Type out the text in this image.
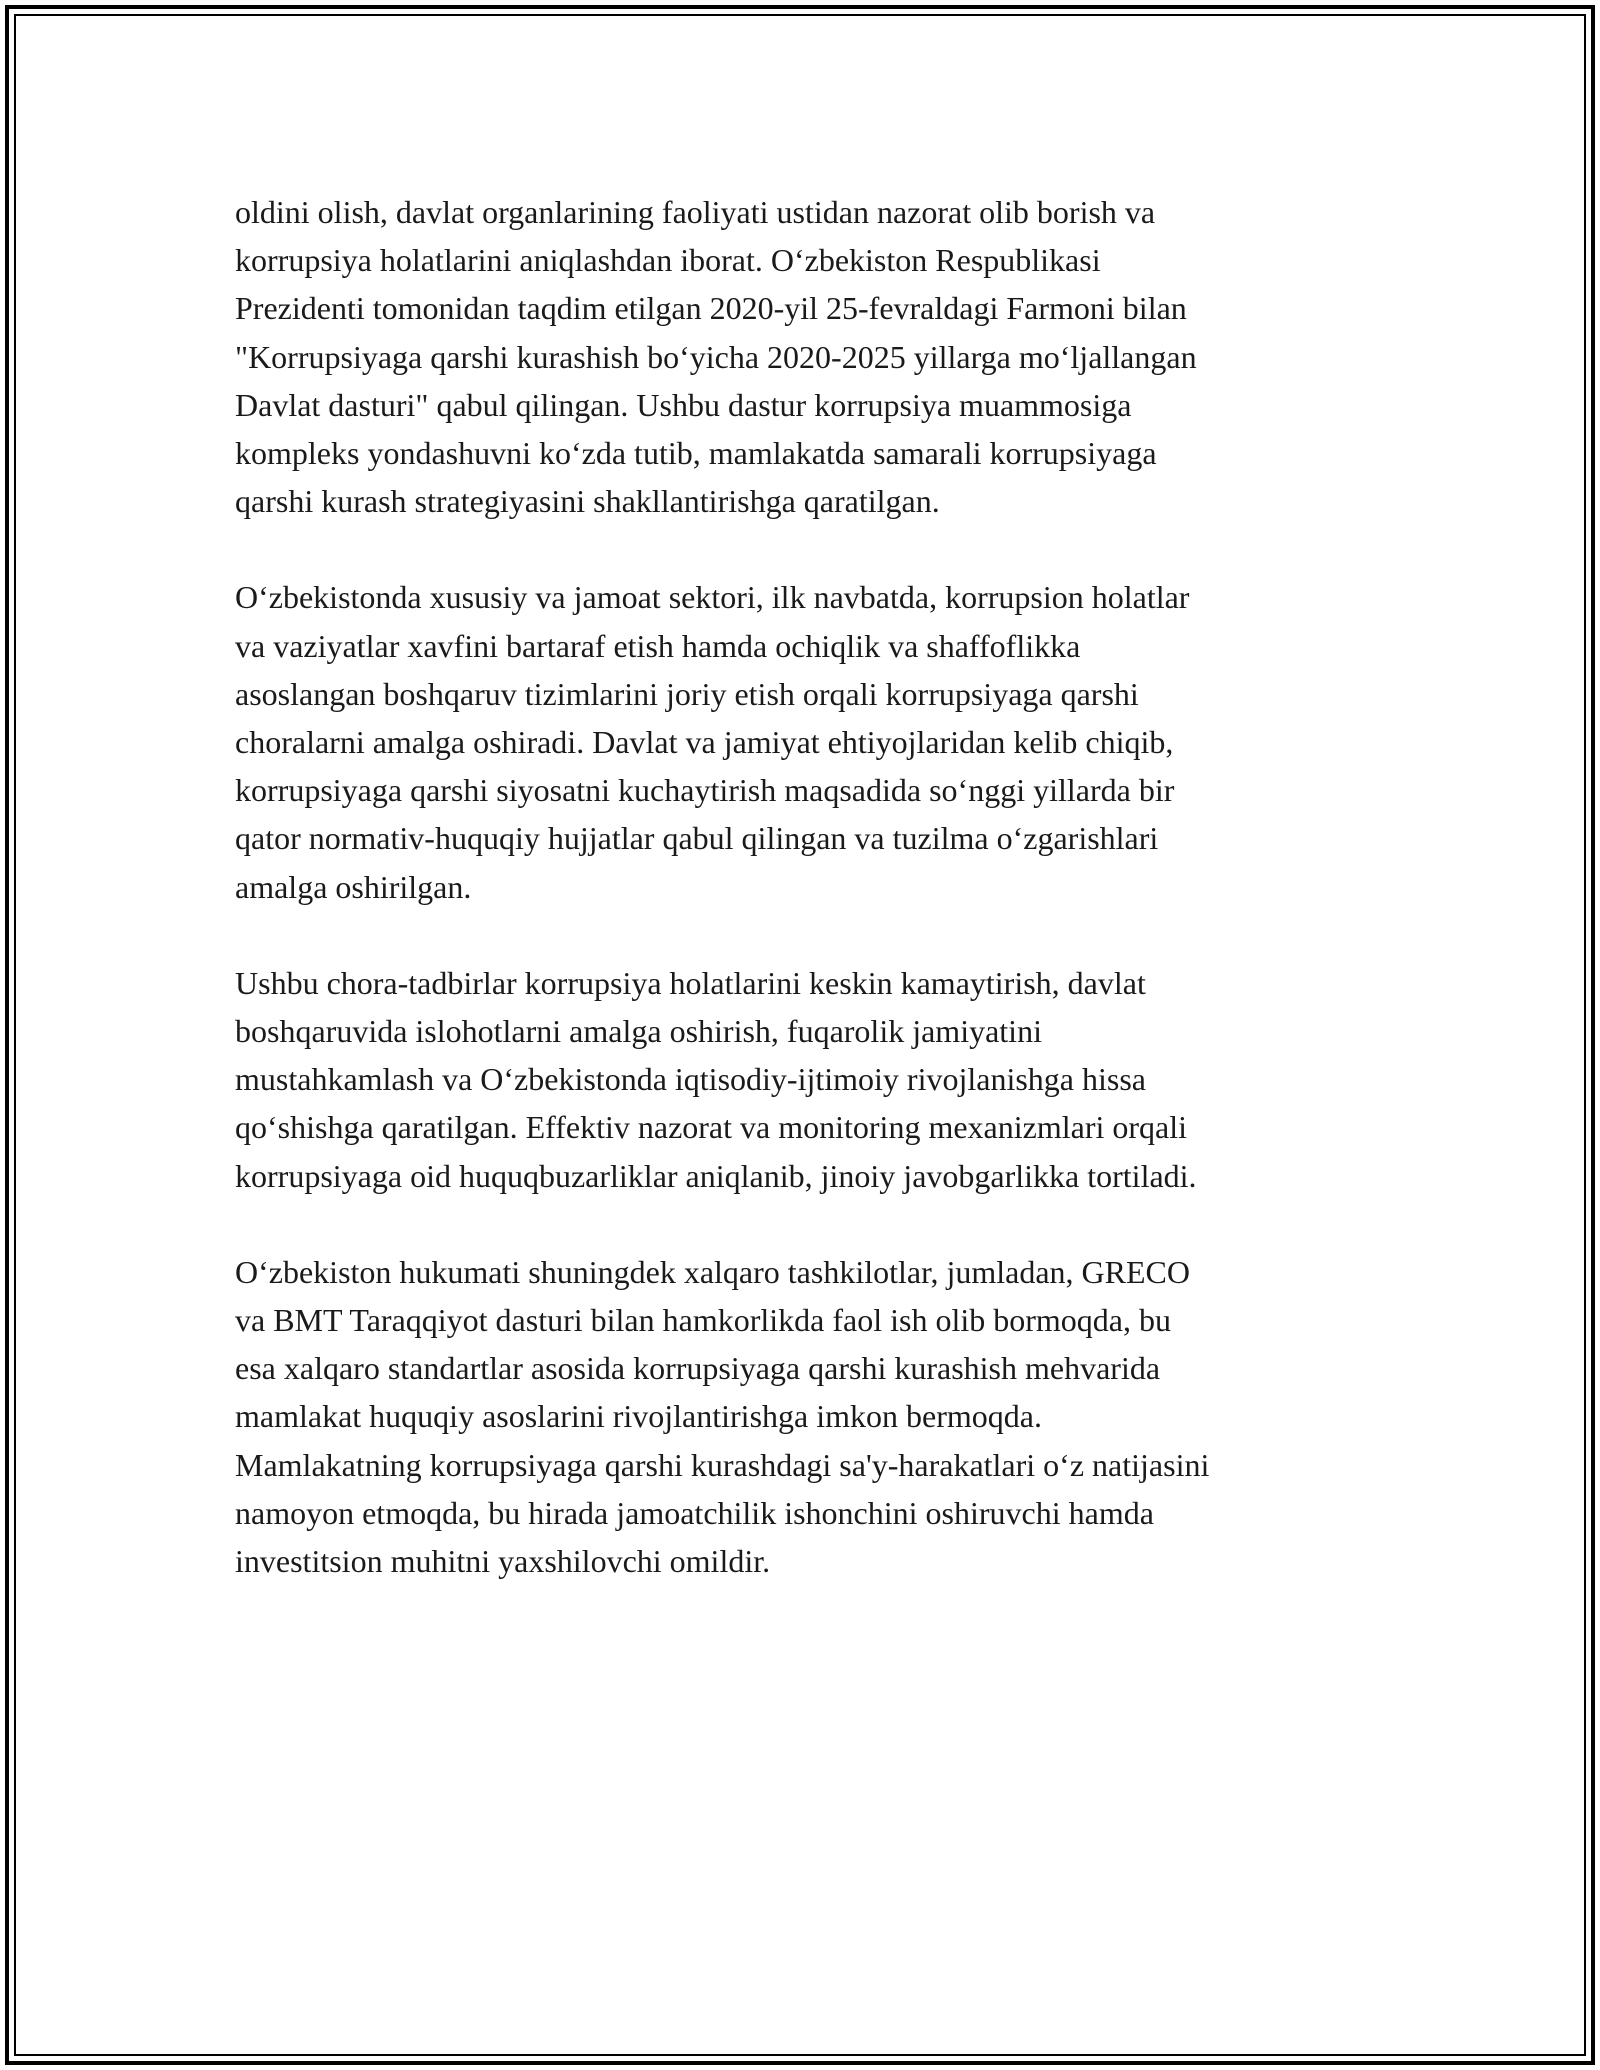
oldini olish, davlat organlarining faoliyati ustidan nazorat olib borish va
korrupsiya holatlarini aniqlashdan iborat. O‘zbekiston Respublikasi
Prezidenti tomonidan taqdim etilgan 2020-yil 25-fevraldagi Farmoni bilan
"Korrupsiyaga qarshi kurashish bo‘yicha 2020-2025 yillarga mo‘ljallangan
Davlat dasturi" qabul qilingan. Ushbu dastur korrupsiya muammosiga
kompleks yondashuvni ko‘zda tutib, mamlakatda samarali korrupsiyaga
qarshi kurash strategiyasini shakllantirishga qaratilgan.

O‘zbekistonda xususiy va jamoat sektori, ilk navbatda, korrupsion holatlar
va vaziyatlar xavfini bartaraf etish hamda ochiqlik va shaffoflikka
asoslangan boshqaruv tizimlarini joriy etish orqali korrupsiyaga qarshi
choralarni amalga oshiradi. Davlat va jamiyat ehtiyojlaridan kelib chiqib,
korrupsiyaga qarshi siyosatni kuchaytirish maqsadida so‘nggi yillarda bir
qator normativ-huquqiy hujjatlar qabul qilingan va tuzilma o‘zgarishlari
amalga oshirilgan.

Ushbu chora-tadbirlar korrupsiya holatlarini keskin kamaytirish, davlat
boshqaruvida islohotlarni amalga oshirish, fuqarolik jamiyatini
mustahkamlash va O‘zbekistonda iqtisodiy-ijtimoiy rivojlanishga hissa
qo‘shishga qaratilgan. Effektiv nazorat va monitoring mexanizmlari orqali
korrupsiyaga oid huquqbuzarliklar aniqlanib, jinoiy javobgarlikka tortiladi.

O‘zbekiston hukumati shuningdek xalqaro tashkilotlar, jumladan, GRECO
va BMT Taraqqiyot dasturi bilan hamkorlikda faol ish olib bormoqda, bu
esa xalqaro standartlar asosida korrupsiyaga qarshi kurashish mehvarida
mamlakat huquqiy asoslarini rivojlantirishga imkon bermoqda.
Mamlakatning korrupsiyaga qarshi kurashdagi sa'y-harakatlari o‘z natijasini
namoyon etmoqda, bu hirada jamoatchilik ishonchini oshiruvchi hamda
investitsion muhitni yaxshilovchi omildir.
